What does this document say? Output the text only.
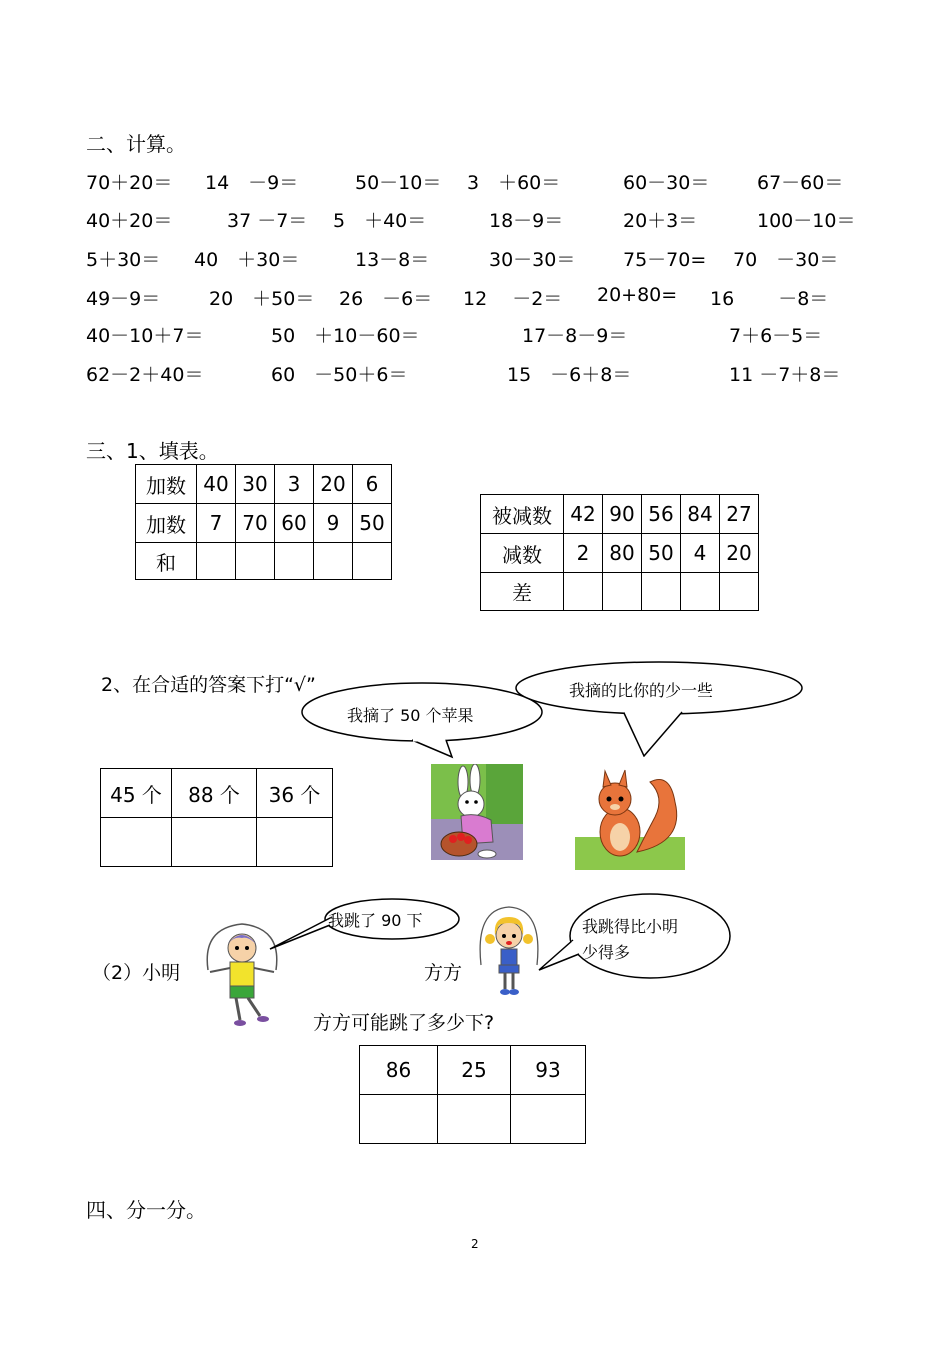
二、计算。
70＋20＝ 14　－9＝	50－10＝ 3　＋60＝	60－30＝	67－60＝
40＋20＝	37 －7＝ 5　＋40＝	18－9＝	20＋3＝	100－10＝
5＋30＝ 40　＋30＝	13－8＝	30－30＝	75－70= 70　－30＝
49－9＝	20　＋50＝ 26　－6＝ 12　 －2＝ 20+80= 16　　 －8＝
40－10＋7＝	50　＋10－60＝	17－8－9＝	7＋6－5＝
62－2＋40＝	60　－50＋6＝	15　－6＋8＝	11 －7＋8＝
三、1、填表。
加数	40	30	3	20	6
加数	7	70	60	9	50
和					
被减数	42	90	56	84	27
减数	2	80	50	4	20
差					
2、在合适的答案下打“√”
我摘了 50 个苹果
我摘的比你的少一些
45 个	88 个	36 个

（2）小明
我跳了 90 下
方方
我跳得比小明
少得多
方方可能跳了多少下?
86	25	93

四、分一分。
2
